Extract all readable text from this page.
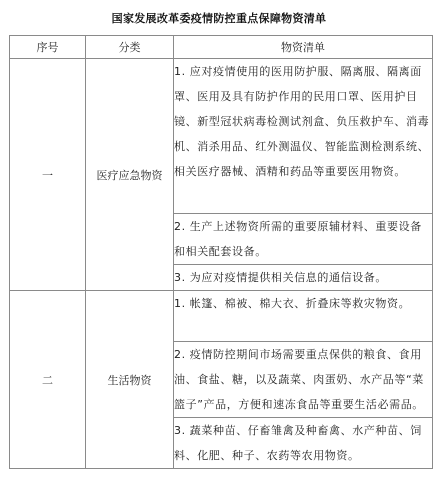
国家发展改革委疫情防控重点保障物资清单
序号	分类	物资清单
一	医疗应急物资	1. 应对疫情使用的医用防护服、隔离服、隔离面罩、医用及具有防护作用的民用口罩、医用护目镜、新型冠状病毒检测试剂盒、负压救护车、消毒机、消杀用品、红外测温仪、智能监测检测系统、相关医疗器械、酒精和药品等重要医用物资。
		2. 生产上述物资所需的重要原辅材料、重要设备和相关配套设备。
		3. 为应对疫情提供相关信息的通信设备。
二	生活物资	1. 帐篷、棉被、棉大衣、折叠床等救灾物资。
		2. 疫情防控期间市场需要重点保供的粮食、食用油、食盐、糖，以及蔬菜、肉蛋奶、水产品等“菜篮子”产品，方便和速冻食品等重要生活必需品。
		3. 蔬菜种苗、仔畜雏禽及种畜禽、水产种苗、饲料、化肥、种子、农药等农用物资。
